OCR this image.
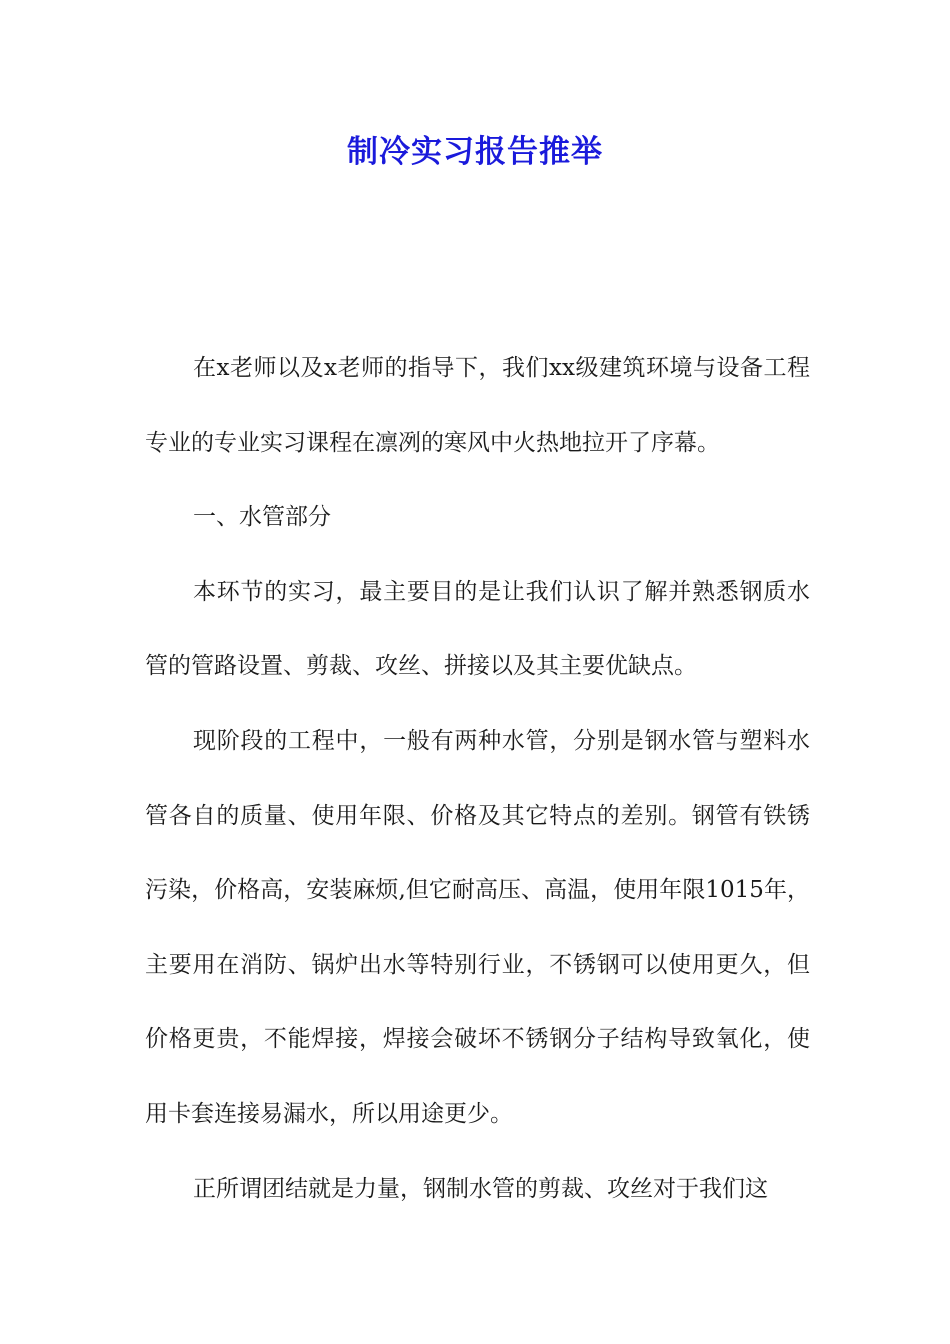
制冷实习报告推举

在x老师以及x老师的指导下，我们xx级建筑环境与设备工程专业的专业实习课程在凛冽的寒风中火热地拉开了序幕。

一、水管部分

本环节的实习，最主要目的是让我们认识了解并熟悉钢质水管的管路设置、剪裁、攻丝、拼接以及其主要优缺点。

现阶段的工程中，一般有两种水管，分别是钢水管与塑料水管各自的质量、使用年限、价格及其它特点的差别。钢管有铁锈污染，价格高，安装麻烦,但它耐高压、高温，使用年限1015年，主要用在消防、锅炉出水等特别行业，不锈钢可以使用更久，但价格更贵，不能焊接，焊接会破坏不锈钢分子结构导致氧化，使用卡套连接易漏水，所以用途更少。

正所谓团结就是力量，钢制水管的剪裁、攻丝对于我们这
